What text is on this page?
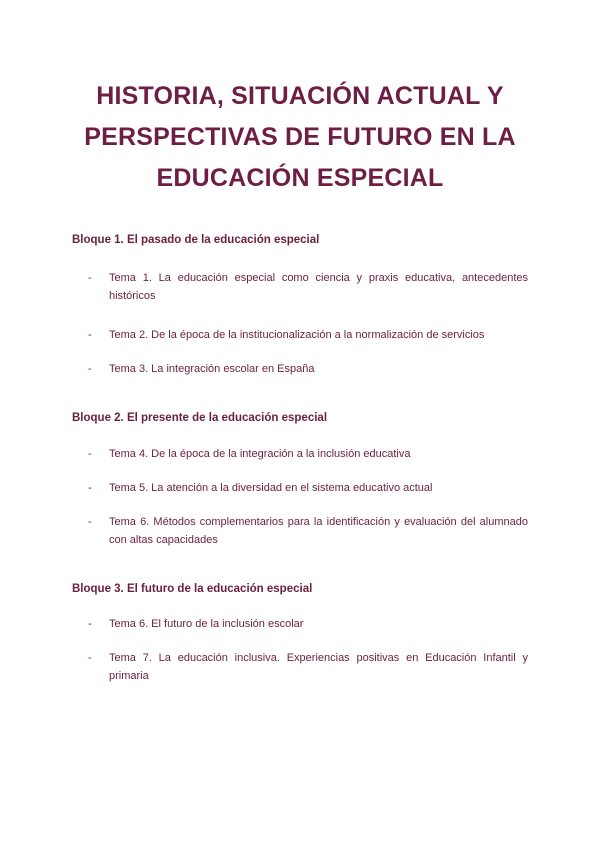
HISTORIA, SITUACIÓN ACTUAL Y
PERSPECTIVAS DE FUTURO EN LA
EDUCACIÓN ESPECIAL
Bloque 1. El pasado de la educación especial
-	Tema 1. La educación especial como ciencia y praxis educativa, antecedentes históricos
-	Tema 2. De la época de la institucionalización a la normalización de servicios
-	Tema 3. La integración escolar en España
Bloque 2. El presente de la educación especial
-	Tema 4. De la época de la integración a la inclusión educativa
-	Tema 5. La atención a la diversidad en el sistema educativo actual
-	Tema 6. Métodos complementarios para la identificación y evaluación del alumnado con altas capacidades
Bloque 3. El futuro de la educación especial
-	Tema 6. El futuro de la inclusión escolar
-	Tema 7. La educación inclusiva. Experiencias positivas en Educación Infantil y primaria
